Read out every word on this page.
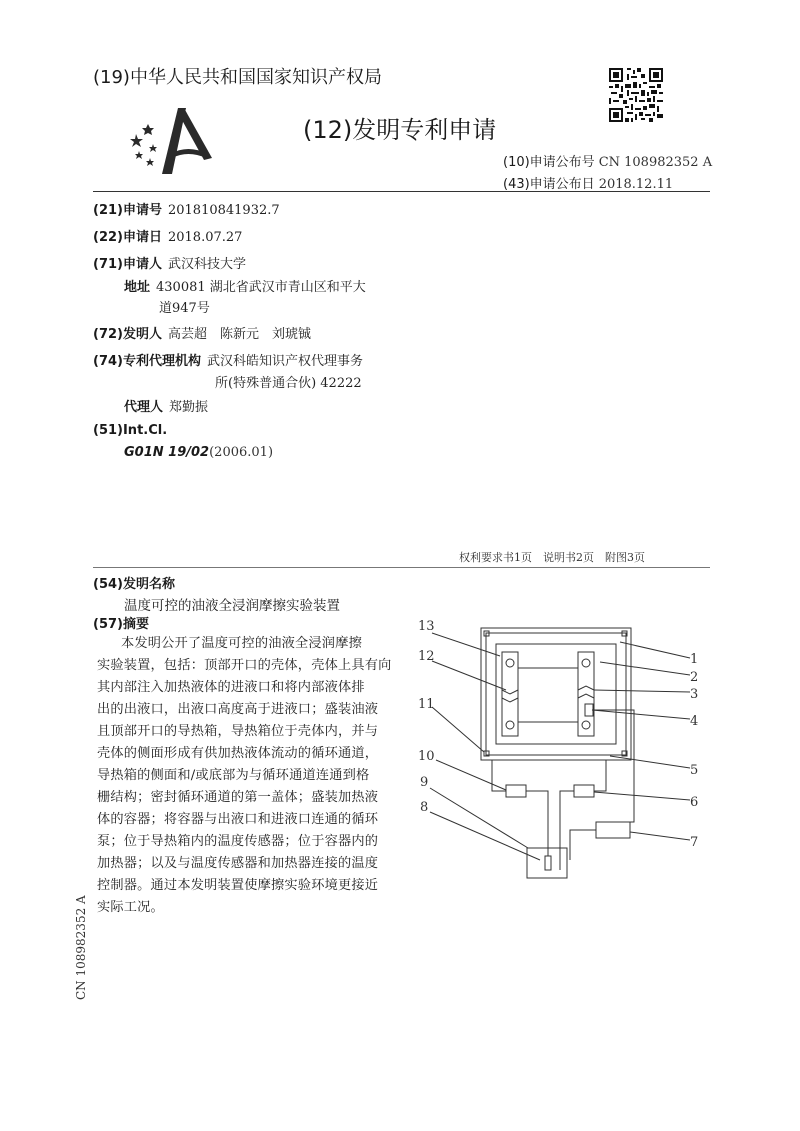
(19)中华人民共和国国家知识产权局
(12)发明专利申请
(10)申请公布号 CN 108982352 A
(43)申请公布日 2018.12.11
(21)申请号 201810841932.7
(22)申请日 2018.07.27
(71)申请人 武汉科技大学
地址 430081 湖北省武汉市青山区和平大
道947号
(72)发明人 高芸超　陈新元　刘琥铖
(74)专利代理机构 武汉科皓知识产权代理事务
所(特殊普通合伙) 42222
代理人 郑勤振
(51)Int.Cl.
G01N 19/02(2006.01)
权利要求书1页　说明书2页　附图3页
(54)发明名称
温度可控的油液全浸润摩擦实验装置
(57)摘要
本发明公开了温度可控的油液全浸润摩擦
实验装置，包括：顶部开口的壳体，壳体上具有向
其内部注入加热液体的进液口和将内部液体排
出的出液口，出液口高度高于进液口；盛装油液
且顶部开口的导热箱，导热箱位于壳体内，并与
壳体的侧面形成有供加热液体流动的循环通道，
导热箱的侧面和/或底部为与循环通道连通到格
栅结构；密封循环通道的第一盖体；盛装加热液
体的容器；将容器与出液口和进液口连通的循环
泵；位于导热箱内的温度传感器；位于容器内的
加热器；以及与温度传感器和加热器连接的温度
控制器。通过本发明装置使摩擦实验环境更接近
实际工况。
13
12
11
10
9
8
1
2
3
4
5
6
7
CN 108982352 A
